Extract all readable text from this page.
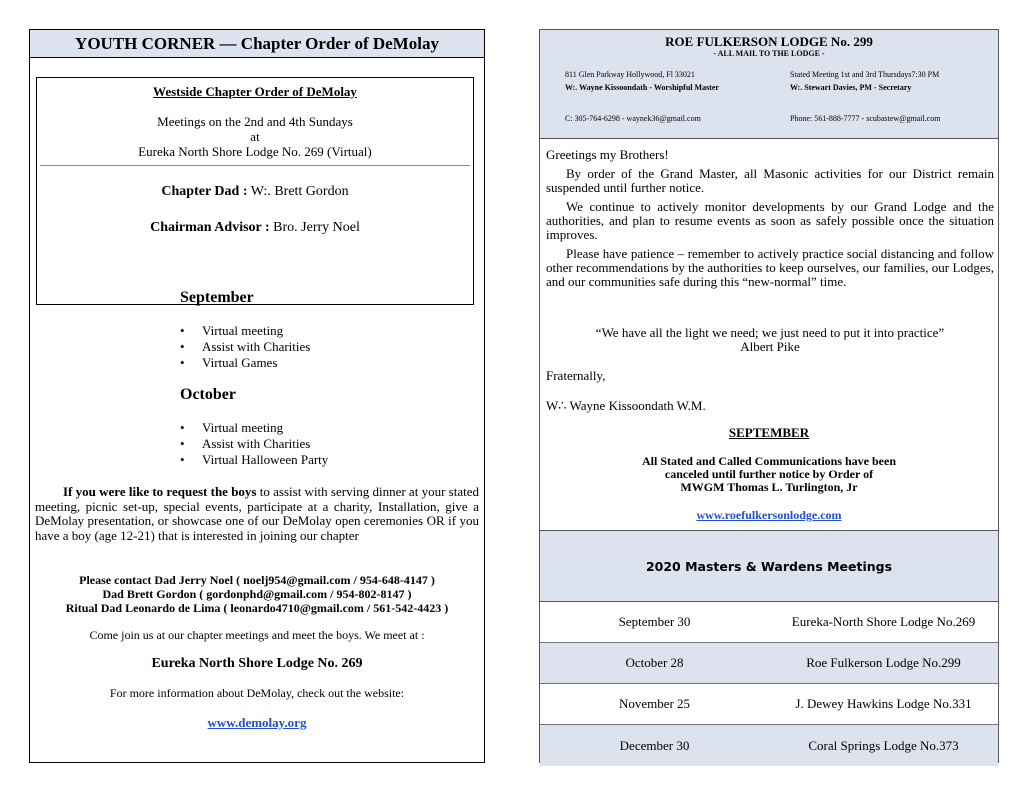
YOUTH CORNER — Chapter Order of DeMolay
Westside Chapter Order of DeMolay
Meetings on the 2nd and 4th Sundays
at
Eureka North Shore Lodge No. 269 (Virtual)
Chapter Dad : W:. Brett Gordon
Chairman Advisor : Bro. Jerry Noel
September
• Virtual meeting
• Assist with Charities
• Virtual Games
October
• Virtual meeting
• Assist with Charities
• Virtual Halloween Party

If you were like to request the boys to assist with serving dinner at your stated meeting, picnic set-up, special events, participate at a charity, Installation, give a DeMolay presentation, or showcase one of our DeMolay open ceremonies OR if you have a boy (age 12-21) that is interested in joining our chapter

Please contact Dad Jerry Noel ( noelj954@gmail.com / 954-648-4147 )
Dad Brett Gordon ( gordonphd@gmail.com / 954-802-8147 )
Ritual Dad Leonardo de Lima ( leonardo4710@gmail.com / 561-542-4423 )
Come join us at our chapter meetings and meet the boys. We meet at :
Eureka North Shore Lodge No. 269
For more information about DeMolay, check out the website:
www.demolay.org
ROE FULKERSON LODGE No. 299
- ALL MAIL TO THE LODGE -
811 Glen Parkway Hollywood, Fl 33021	Stated Meeting 1st and 3rd Thursdays7:30 PM
W:. Wayne Kissoondath - Worshipful Master	W:. Stewart Davies, PM - Secretary
C: 305-764-6298 - waynek36@gmail.com	Phone: 561-888-7777 - scubastew@gmail.com

Greetings my Brothers!

By order of the Grand Master, all Masonic activities for our District remain suspended until further notice.

We continue to actively monitor developments by our Grand Lodge and the authorities, and plan to resume events as soon as safely possible once the situation improves.

Please have patience – remember to actively practice social distancing and follow other recommendations by the authorities to keep ourselves, our families, our Lodges, and our communities safe during this “new-normal” time.

“We have all the light we need; we just need to put it into practice”
Albert Pike
Fraternally,
W∴ Wayne Kissoondath W.M.
SEPTEMBER
All Stated and Called Communications have been
canceled until further notice by Order of
MWGM Thomas L. Turlington, Jr
www.roefulkersonlodge.com
2020 Masters & Wardens Meetings
September 30	Eureka-North Shore Lodge No.269
October 28	Roe Fulkerson Lodge No.299
November 25	J. Dewey Hawkins Lodge No.331
December 30	Coral Springs Lodge No.373
